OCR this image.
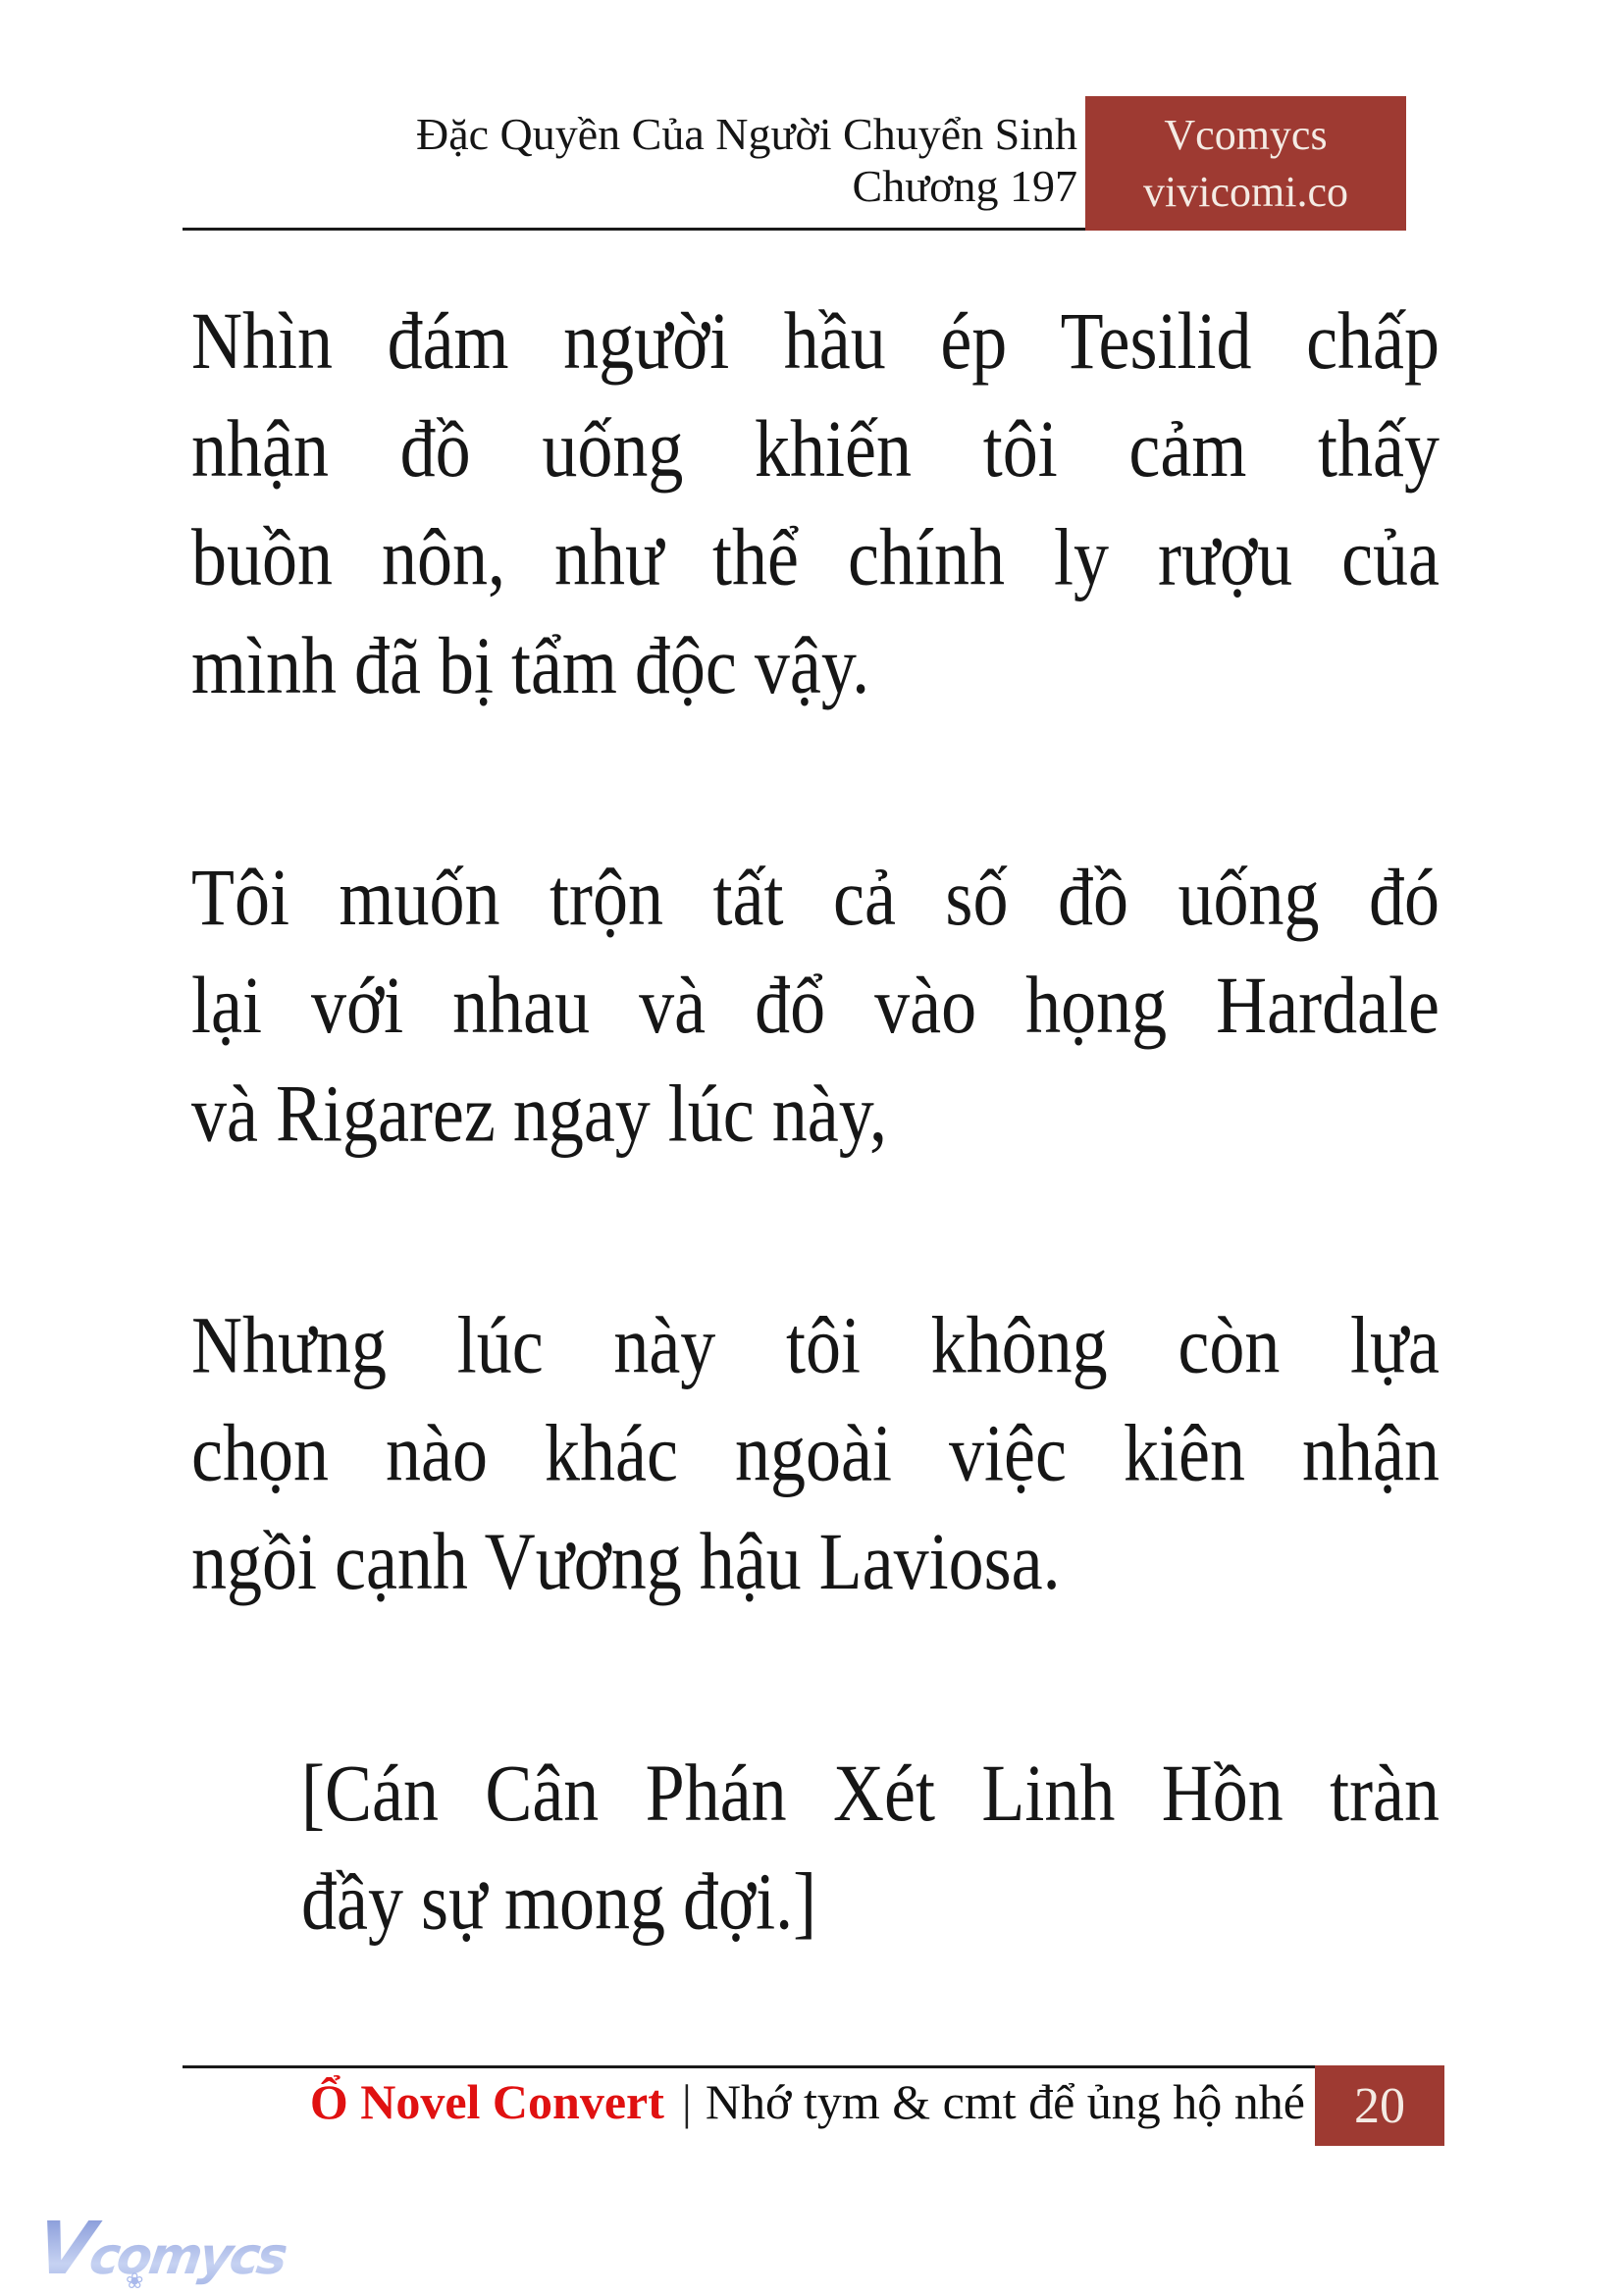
Đặc Quyền Của Người Chuyển Sinh
Chương 197
Vcomycs
vivicomi.co
Nhìn đám người hầu ép Tesilid chấp
nhận đồ uống khiến tôi cảm thấy
buồn nôn, như thể chính ly rượu của
mình đã bị tẩm độc vậy.
Tôi muốn trộn tất cả số đồ uống đó
lại với nhau và đổ vào họng Hardale
và Rigarez ngay lúc này,
Nhưng lúc này tôi không còn lựa
chọn nào khác ngoài việc kiên nhận
ngồi cạnh Vương hậu Laviosa.
[Cán Cân Phán Xét Linh Hồn tràn
đầy sự mong đợi.]
Ổ Novel Convert | Nhớ tym & cmt để ủng hộ nhé 20
Vcomycs
❀
